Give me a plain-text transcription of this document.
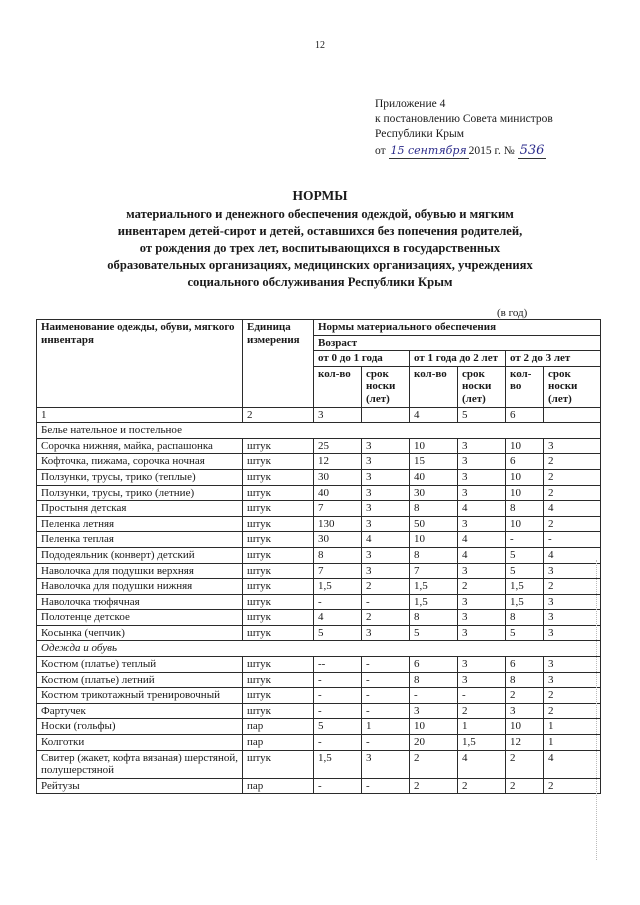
12
Приложение 4
к постановлению Совета министров
Республики Крым
от 15 сентября 2015 г. № 536
НОРМЫ
материального и денежного обеспечения одеждой, обувью и мягким
инвентарем детей-сирот и детей, оставшихся без попечения родителей,
от рождения до трех лет, воспитывающихся в государственных
образовательных организациях, медицинских организациях, учреждениях
социального обслуживания Республики Крым
(в год)
Наименование одежды, обуви, мягкого инвентаря	Единица измерения	Нормы материального обеспечения					
		Возраст					
		от 0 до 1 года		от 1 года до 2 лет		от 2 до 3 лет	
		кол-во	срок носки (лет)	кол-во	срок носки (лет)	кол-во	срок носки (лет)
1	2	3		4	5	6	
Белье нательное и постельное							
Сорочка нижняя, майка, распашонка	штук	25	3	10	3	10	3
Кофточка, пижама, сорочка ночная	штук	12	3	15	3	6	2
Ползунки, трусы, трико (теплые)	штук	30	3	40	3	10	2
Ползунки, трусы, трико (летние)	штук	40	3	30	3	10	2
Простыня детская	штук	7	3	8	4	8	4
Пеленка летняя	штук	130	3	50	3	10	2
Пеленка теплая	штук	30	4	10	4	-	-
Пододеяльник (конверт) детский	штук	8	3	8	4	5	4
Наволочка для подушки верхняя	штук	7	3	7	3	5	3
Наволочка для подушки нижняя	штук	1,5	2	1,5	2	1,5	2
Наволочка тюфячная	штук	-	-	1,5	3	1,5	3
Полотенце детское	штук	4	2	8	3	8	3
Косынка (чепчик)	штук	5	3	5	3	5	3
Одежда и обувь							
Костюм (платье) теплый	штук	--	-	6	3	6	3
Костюм (платье) летний	штук	-	-	8	3	8	3
Костюм трикотажный тренировочный	штук	-	-	-	-	2	2
Фартучек	штук	-	-	3	2	3	2
Носки (гольфы)	пар	5	1	10	1	10	1
Колготки	пар	-	-	20	1,5	12	1
Свитер (жакет, кофта вязаная) шерстяной, полушерстяной	штук	1,5	3	2	4	2	4
Рейтузы	пар	-	-	2	2	2	2
